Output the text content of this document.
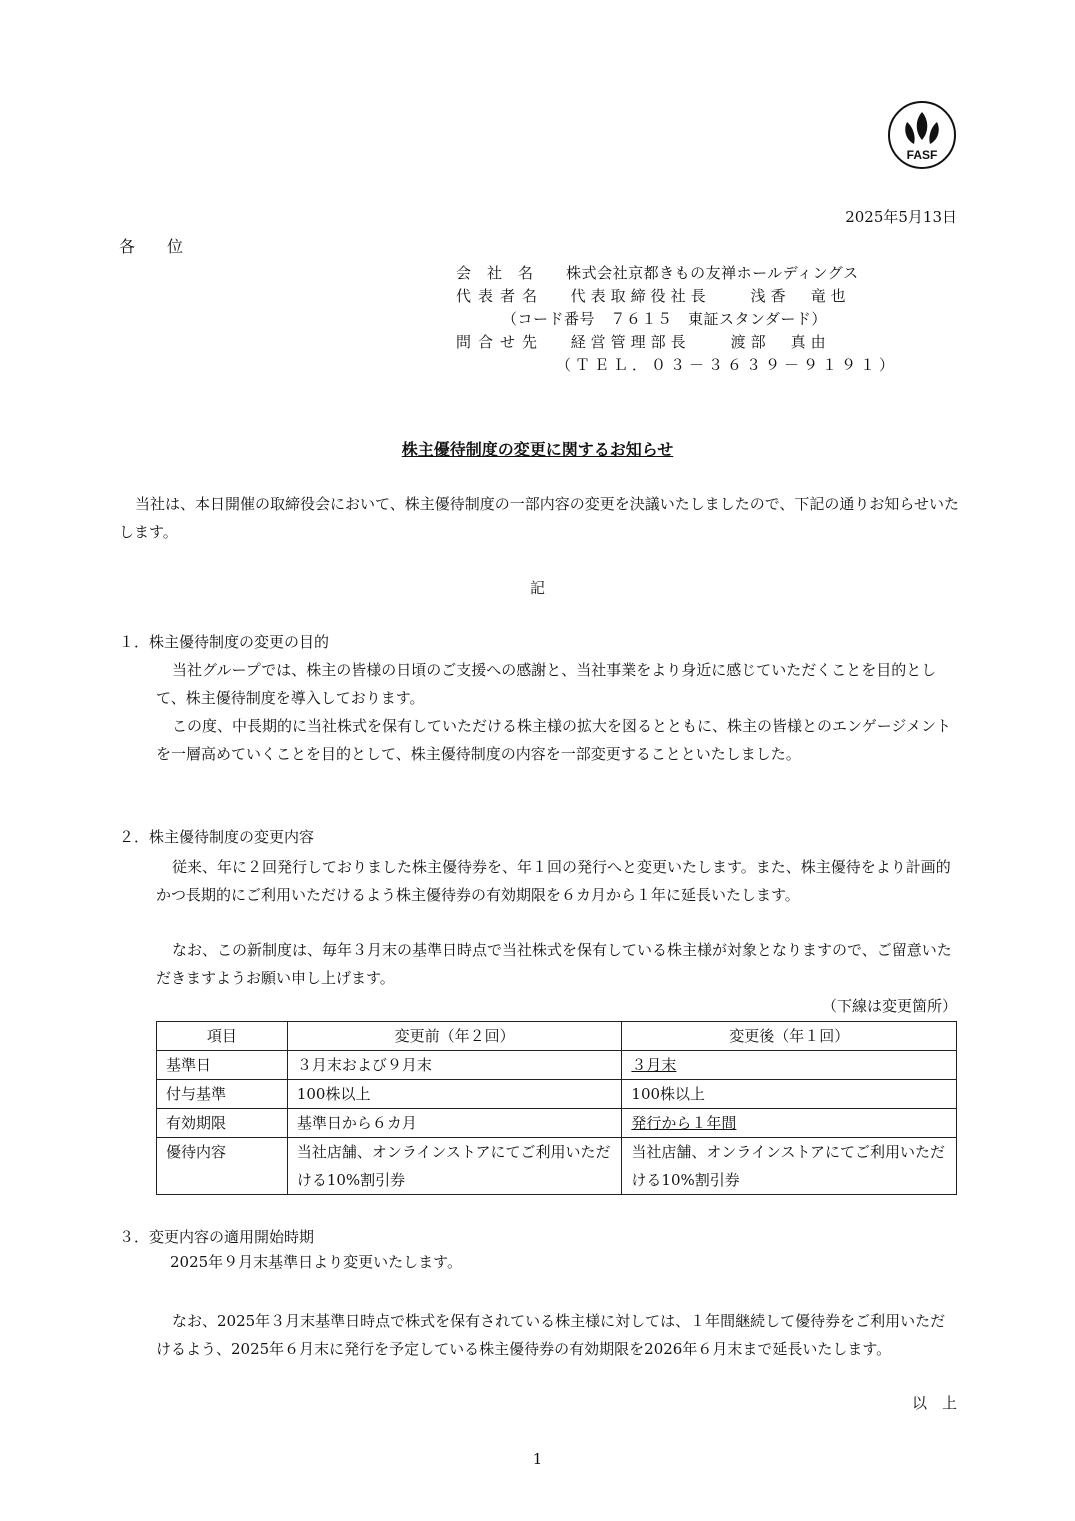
FASF
2025年5月13日
各　　位
会　社　名 株式会社京都きもの友禅ホールディングス
代表者名 代表取締役社長　　浅香　竜也
（コード番号　７６１５　東証スタンダード）
問合せ先 経営管理部長　　渡部　真由
（ＴＥＬ．０３－３６３９－９１９１）
株主優待制度の変更に関するお知らせ
当社は、本日開催の取締役会において、株主優待制度の一部内容の変更を決議いたしましたので、下記の通りお知らせいたします。
記
１．株主優待制度の変更の目的
当社グループでは、株主の皆様の日頃のご支援への感謝と、当社事業をより身近に感じていただくことを目的として、株主優待制度を導入しております。
この度、中長期的に当社株式を保有していただける株主様の拡大を図るとともに、株主の皆様とのエンゲージメントを一層高めていくことを目的として、株主優待制度の内容を一部変更することといたしました。
２．株主優待制度の変更内容
従来、年に２回発行しておりました株主優待券を、年１回の発行へと変更いたします。また、株主優待をより計画的かつ長期的にご利用いただけるよう株主優待券の有効期限を６カ月から１年に延長いたします。
なお、この新制度は、毎年３月末の基準日時点で当社株式を保有している株主様が対象となりますので、ご留意いただきますようお願い申し上げます。
（下線は変更箇所）
項目	変更前（年２回）	変更後（年１回）
基準日	３月末および９月末	３月末
付与基準	100株以上	100株以上
有効期限	基準日から６カ月	発行から１年間
優待内容	当社店舗、オンラインストアにてご利用いただける10%割引券	当社店舗、オンラインストアにてご利用いただける10%割引券
３．変更内容の適用開始時期
2025年９月末基準日より変更いたします。
なお、2025年３月末基準日時点で株式を保有されている株主様に対しては、１年間継続して優待券をご利用いただけるよう、2025年６月末に発行を予定している株主優待券の有効期限を2026年６月末まで延長いたします。
以　上
1
